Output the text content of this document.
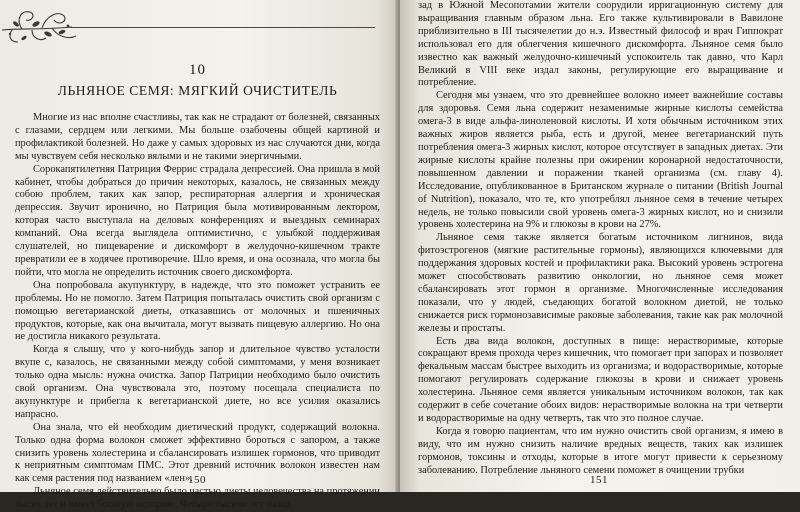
10
ЛЬНЯНОЕ СЕМЯ: МЯГКИЙ ОЧИСТИТЕЛЬ

Многие из нас вполне счастливы, так как не страдают от болезней, связанных с глазами, сердцем или легкими. Мы больше озабочены общей картиной и профилактикой болезней. Но даже у самых здоровых из нас случаются дни, когда мы чувствуем себя несколько вялыми и не такими энергичными.

Сорокапятилетняя Патриция Феррис страдала депрессией. Она пришла в мой кабинет, чтобы добраться до причин некоторых, казалось, не связанных между собою проблем, таких как запор, респираторная аллергия и хроническая депрессия. Звучит иронично, но Патриция была мотивированным лектором, которая часто выступала на деловых конференциях и выездных семинарах компаний. Она всегда выглядела оптимистично, с улыбкой поддерживая слушателей, но пищеварение и дискомфорт в желудочно-кишечном тракте превратили ее в ходячее противоречие. Шло время, и она осознала, что могла бы пойти, что могла не определить источник своего дискомфорта.

Она попробовала акупунктуру, в надежде, что это поможет устранить ее проблемы. Но не помогло. Затем Патриция попыталась очистить свой организм с помощью вегетарианской диеты, отказавшись от молочных и пшеничных продуктов, которые, как она вычитала, могут вызвать пищевую аллергию. Но она не достигла никакого результата.

Когда я слышу, что у кого-нибудь запор и длительное чувство усталости вкупе с, казалось, не связанными между собой симптомами, у меня возникает только одна мысль: нужна очистка. Запор Патриции необходимо было очистить свой организм. Она чувствовала это, поэтому посещала специалиста по акупунктуре и прибегла к вегетарианской диете, но все усилия оказались напрасно.

Она знала, что ей необходим диетический продукт, содержащий волокна. Только одна форма волокон сможет эффективно бороться с запором, а также снизить уровень холестерина и сбалансировать излишек гормонов, что приводит к неприятным симптомам ПМС. Этот древний источник волокон известен нам как семя растения под названием «лен».

Льняное семя действительно было частью диеты человечества на протяжении тысяч лет и имеет богатую историю. Четыре тысячи лет назад

150

зад в Южной Месопотамии жители соорудили ирригационную систему для выращивания главным образом льна. Его также культивировали в Вавилоне приблизительно в III тысячелетии до н.э. Известный философ и врач Гиппократ использовал его для облегчения кишечного дискомфорта. Льняное семя было известно как важный желудочно-кишечный успокоитель так давно, что Карл Великий в VIII веке издал законы, регулирующие его выращивание и потребление.

Сегодня мы узнаем, что это древнейшее волокно имеет важнейшие составы для здоровья. Семя льна содержит незаменимые жирные кислоты семейства омега-3 в виде альфа-линоленовой кислоты. И хотя обычным источником этих важных жиров является рыба, есть и другой, менее вегетарианский путь потребления омега-3 жирных кислот, которое отсутствует в западных диетах. Эти жирные кислоты крайне полезны при ожирении коронарной недостаточности, повышенном давлении и поражении тканей организма (см. главу 4). Исследование, опубликованное в Британском журнале о питании (British Journal of Nutrition), показало, что те, кто употреблял льняное семя в течение четырех недель, не только повысили свой уровень омега-3 жирных кислот, но и снизили уровень холестерина на 9% и глюкозы в крови на 27%.

Льняное семя также является богатым источником лигнинов, вида фитоэстрогенов (мягкие растительные гормоны), являющихся ключевыми для поддержания здоровых костей и профилактики рака. Высокий уровень эстрогена может способствовать развитию онкологии, но льняное семя может сбалансировать этот гормон в организме. Многочисленные исследования показали, что у людей, съедающих богатой волокном диетой, не только снижается риск гормонозависимые раковые заболевания, такие как рак молочной железы и простаты.

Есть два вида волокон, доступных в пище: нерастворимые, которые сокращают время прохода через кишечник, что помогает при запорах и позволяет фекальным массам быстрее выходить из организма; и водорастворимые, которые помогают регулировать содержание глюкозы в крови и снижает уровень холестерина. Льняное семя является уникальным источником волокон, так как содержит в себе сочетание обоих видов: нерастворимые волокна на три четверти и водорастворимые на одну четверть, так что это полное случае.

Когда я говорю пациентам, что им нужно очистить свой организм, я имею в виду, что им нужно снизить наличие вредных веществ, таких как излишек гормонов, токсины и отходы, которые в итоге могут привести к серьезному заболеванию. Потребление льняного семени поможет в очищении трубки

151
